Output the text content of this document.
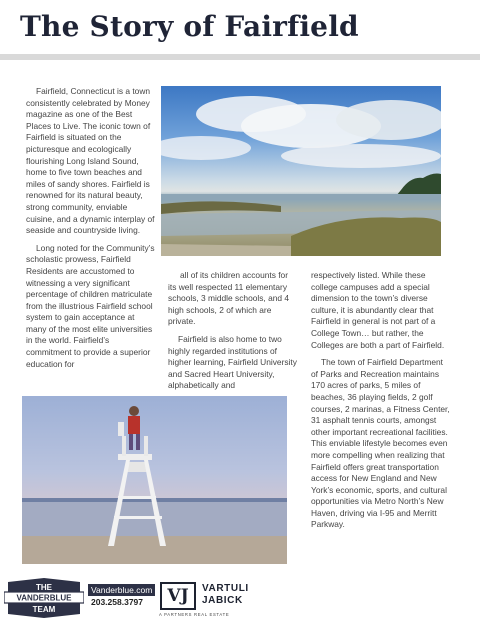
The Story of Fairfield

Fairfield, Connecticut is a town consistently celebrated by Money magazine as one of the Best Places to Live. The iconic town of Fairfield is situated on the picturesque and ecologically flourishing Long Island Sound, home to five town beaches and miles of sandy shores. Fairfield is renowned for its natural beauty, strong community, enviable cuisine, and a dynamic interplay of seaside and countryside living.

Long noted for the Community’s scholastic prowess, Fairfield Residents are accustomed to witnessing a very significant percentage of children matriculate from the illustrious Fairfield school system to gain acceptance at many of the most elite universities in the world. Fairfield’s commitment to provide a superior education for

all of its children accounts for its well respected 11 elementary schools, 3 middle schools, and 4 high schools, 2 of which are private.

Fairfield is also home to two highly regarded institutions of higher learning, Fairfield University and Sacred Heart University, alphabetically and

respectively listed. While these college campuses add a special dimension to the town’s diverse culture, it is abundantly clear that Fairfield in general is not part of a College Town… but rather, the Colleges are both a part of Fairfield.

The town of Fairfield Department of Parks and Recreation maintains 170 acres of parks, 5 miles of beaches, 36 playing fields, 2 golf courses, 2 marinas, a Fitness Center, 31 asphalt tennis courts, amongst other important recreational facilities. This enviable lifestyle becomes even more compelling when realizing that Fairfield offers great transportation access for New England and New York’s economic, sports, and cultural opportunities via Metro North’s New Haven, driving via I-95 and Merritt Parkway.

THE
VANDERBLUE
TEAM
Vanderblue.com
203.258.3797	VJ	VARTULI
JABICK
A PARTNERS REAL ESTATE
